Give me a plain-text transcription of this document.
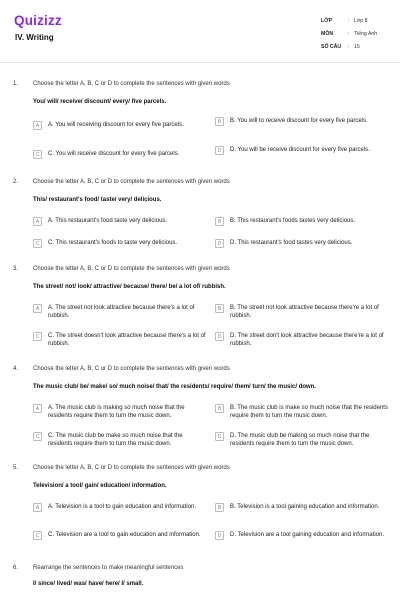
Quizizz
IV. Writing
LỚP	: Lớp 8
MÔN	: Tiếng Anh
SỐ CÂU	: 15
1. Choose the letter A, B, C or D to complete the sentences with given words
You/ will/ receive/ discount/ every/ five parcels.
A	A. You will receiving discount for every five parcels.
B	B. You will to receive discount for every five parcels.
C	C. You will receive discount for every five parcels.
D	D. You will be receive discount for every five parcels.
2. Choose the letter A, B, C or D to complete the sentences with given words
This/ restaurant's food/ taste/ very/ delicious.
A	A. This restaurant's food taste very delicious.	B	B. This restaurant's foods tastes very delicious.
C	C. This restaurant's foods to taste very delicious.	D	D. This restaurant's food tastes very delicious.
3. Choose the letter A, B, C or D to complete the sentences with given words
The street/ not/ look/ attractive/ because/ there/ be/ a lot of/ rubbish.
A	A. The street not look attractive because there's a lot of rubbish.
B	B. The street not look attractive because there're a lot of rubbish.
C	C. The street doesn't look attractive because there's a lot of rubbish.
D	D. The street don't look attractive because there're a lot of rubbish.
4. Choose the letter A, B, C or D to complete the sentences with given words
The music club/ be/ make/ so/ much noise/ that/ the residents/ require/ them/ turn/ the music/ down.
A	A. The music club is making so much noise that the residents require them to turn the music down.
B	B. The music club is make so much noise that the residents require them to turn the music down.
C	C. The music club be make so much noise that the residents require them to turn the music down.
D	D. The music club be making so much noise that the residents require them to turn the music down.
5. Choose the letter A, B, C or D to complete the sentences with given words
Television/ a tool/ gain/ education/ information.
A	A. Television is a tool to gain education and information.	B	B. Television is a tool gaining education and information.
C	C. Television are a tool to gain education and information.	D	D. Television are a tool gaining education and information.
6. Rearrange the sentences to make meaningful sentences
I/ since/ lived/ was/ have/ here/ I/ small.
